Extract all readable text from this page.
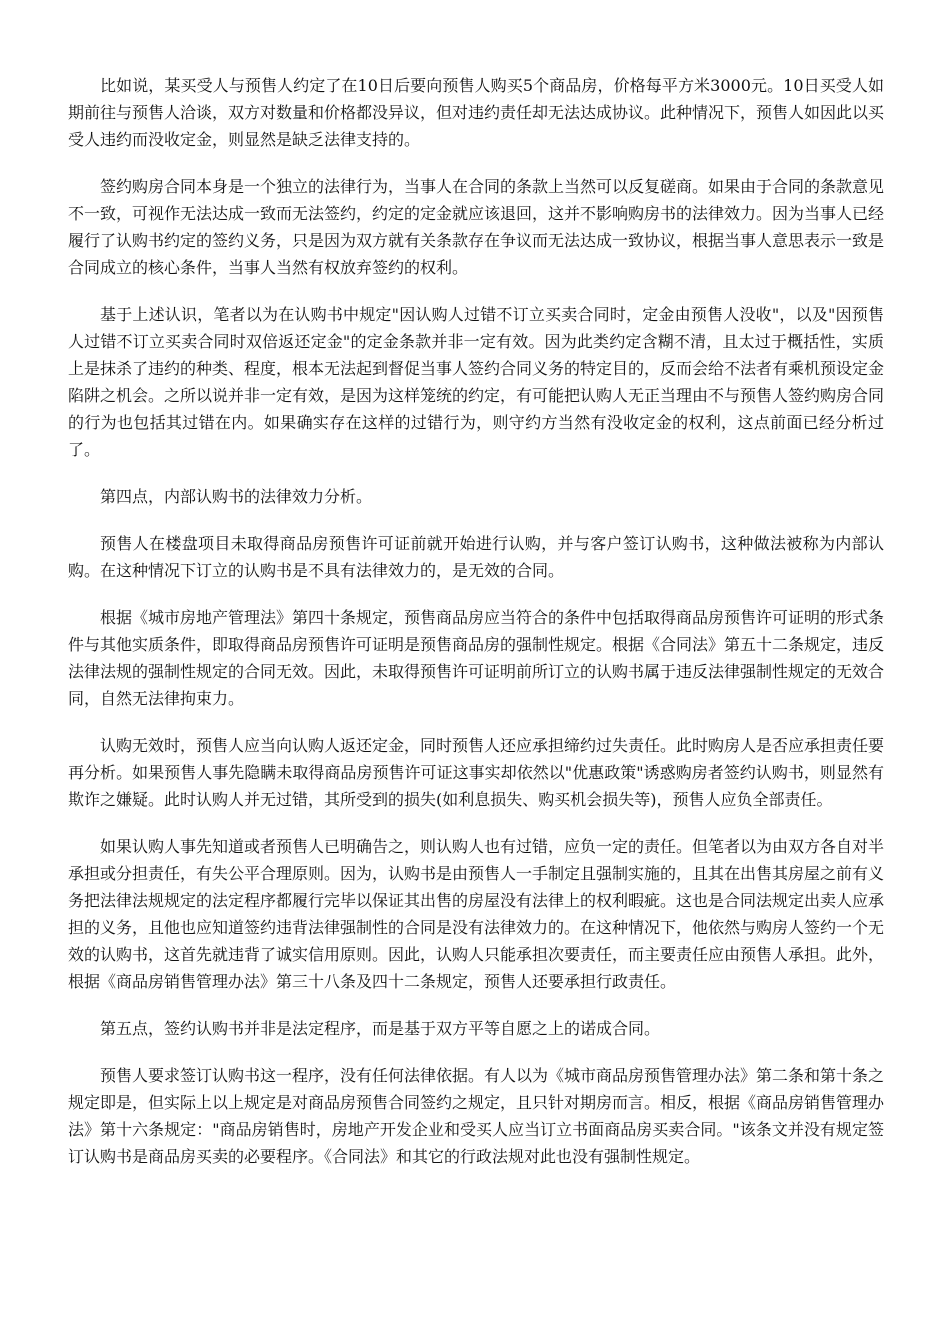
比如说，某买受人与预售人约定了在10日后要向预售人购买5个商品房，价格每平方米3000元。10日买受人如期前往与预售人洽谈，双方对数量和价格都没异议，但对违约责任却无法达成协议。此种情况下，预售人如因此以买受人违约而没收定金，则显然是缺乏法律支持的。

签约购房合同本身是一个独立的法律行为，当事人在合同的条款上当然可以反复磋商。如果由于合同的条款意见不一致，可视作无法达成一致而无法签约，约定的定金就应该退回，这并不影响购房书的法律效力。因为当事人已经履行了认购书约定的签约义务，只是因为双方就有关条款存在争议而无法达成一致协议，根据当事人意思表示一致是合同成立的核心条件，当事人当然有权放弃签约的权利。

基于上述认识，笔者以为在认购书中规定"因认购人过错不订立买卖合同时，定金由预售人没收"，以及"因预售人过错不订立买卖合同时双倍返还定金"的定金条款并非一定有效。因为此类约定含糊不清，且太过于概括性，实质上是抹杀了违约的种类、程度，根本无法起到督促当事人签约合同义务的特定目的，反而会给不法者有乘机预设定金陷阱之机会。之所以说并非一定有效，是因为这样笼统的约定，有可能把认购人无正当理由不与预售人签约购房合同的行为也包括其过错在内。如果确实存在这样的过错行为，则守约方当然有没收定金的权利，这点前面已经分析过了。

第四点，内部认购书的法律效力分析。

预售人在楼盘项目未取得商品房预售许可证前就开始进行认购，并与客户签订认购书，这种做法被称为内部认购。在这种情况下订立的认购书是不具有法律效力的，是无效的合同。

根据《城市房地产管理法》第四十条规定，预售商品房应当符合的条件中包括取得商品房预售许可证明的形式条件与其他实质条件，即取得商品房预售许可证明是预售商品房的强制性规定。根据《合同法》第五十二条规定，违反法律法规的强制性规定的合同无效。因此，未取得预售许可证明前所订立的认购书属于违反法律强制性规定的无效合同，自然无法律拘束力。

认购无效时，预售人应当向认购人返还定金，同时预售人还应承担缔约过失责任。此时购房人是否应承担责任要再分析。如果预售人事先隐瞒未取得商品房预售许可证这事实却依然以"优惠政策"诱惑购房者签约认购书，则显然有欺诈之嫌疑。此时认购人并无过错，其所受到的损失(如利息损失、购买机会损失等)，预售人应负全部责任。

如果认购人事先知道或者预售人已明确告之，则认购人也有过错，应负一定的责任。但笔者以为由双方各自对半承担或分担责任，有失公平合理原则。因为，认购书是由预售人一手制定且强制实施的，且其在出售其房屋之前有义务把法律法规规定的法定程序都履行完毕以保证其出售的房屋没有法律上的权利暇疵。这也是合同法规定出卖人应承担的义务，且他也应知道签约违背法律强制性的合同是没有法律效力的。在这种情况下，他依然与购房人签约一个无效的认购书，这首先就违背了诚实信用原则。因此，认购人只能承担次要责任，而主要责任应由预售人承担。此外，根据《商品房销售管理办法》第三十八条及四十二条规定，预售人还要承担行政责任。

第五点，签约认购书并非是法定程序，而是基于双方平等自愿之上的诺成合同。

预售人要求签订认购书这一程序，没有任何法律依据。有人以为《城市商品房预售管理办法》第二条和第十条之规定即是，但实际上以上规定是对商品房预售合同签约之规定，且只针对期房而言。相反，根据《商品房销售管理办法》第十六条规定："商品房销售时，房地产开发企业和受买人应当订立书面商品房买卖合同。"该条文并没有规定签订认购书是商品房买卖的必要程序。《合同法》和其它的行政法规对此也没有强制性规定。
